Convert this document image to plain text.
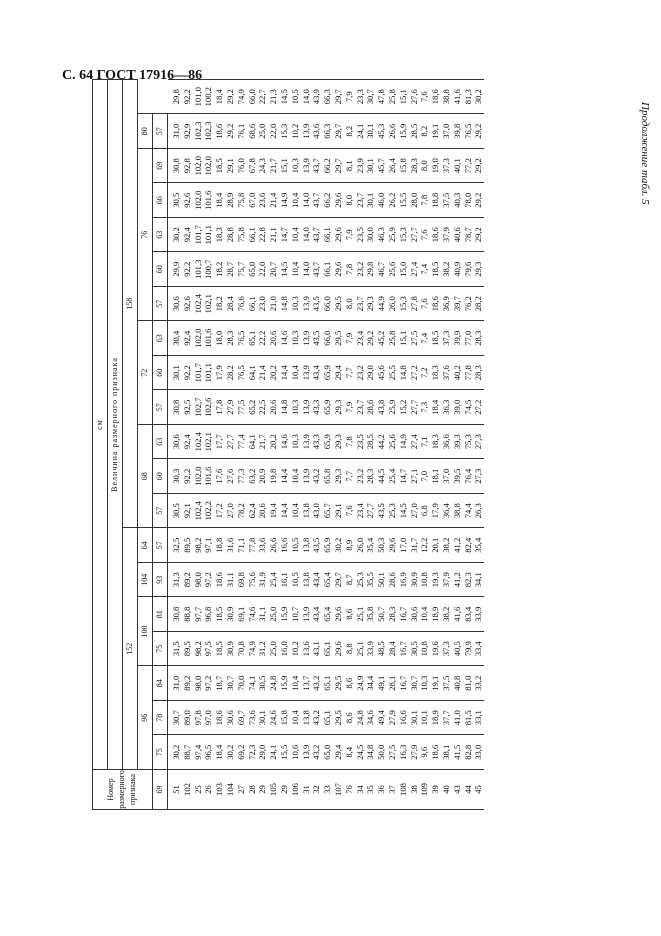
С. 64 ГОСТ 17916—86
Продолжение табл. 5
Номер размерного признака	см																			
	Величина размерного признака																			
	152							158												
	96			100		104	64	68			72			76					80	
69	75	78	84	75	81	93	57	57	60	63	57	60	63	57	60	63	66	69	57	
51	30,2	30,7	31,0	31,5	30,8	31,3	32,5	30,5	30,3	30,6	30,8	30,1	30,4	30,6	29,9	30,2	30,5	30,8	31,0	29,8
102	88,7	89,0	89,2	89,5	88,8	89,2	89,5	92,1	92,2	92,4	92,5	92,2	92,4	92,6	92,2	92,4	92,6	92,8	92,9	92,2
25	97,4	97,8	98,0	98,2	97,7	98,0	98,2	102,4	102,0	102,4	102,7	101,7	102,0	102,4	101,3	101,7	102,0	102,0	102,3	101,0
26	96,5	97,0	97,2	97,5	96,8	97,2	97,1	102,2	101,6	102,1	102,6	101,1	101,6	102,1	100,7	101,1	101,6	102,0	102,3	100,2
103	18,4	18,6	18,7	18,5	18,5	18,6	18,8	17,2	17,6	17,7	17,8	17,9	18,0	18,2	18,2	18,3	18,4	18,5	18,6	18,4
104	30,2	30,6	30,7	30,9	30,9	31,1	31,6	27,0	27,6	27,7	27,9	28,2	28,3	28,4	28,7	28,8	28,9	29,1	29,2	29,2
27	69,2	69,7	70,0	70,8	69,1	69,8	71,1	78,2	77,3	77,4	77,5	76,5	76,5	76,6	75,7	75,8	75,8	76,0	76,1	74,9
28	72,3	73,6	74,1	74,9	74,6	75,6	77,8	62,4	63,2	64,1	65,2	64,1	65,1	66,1	65,0	66,1	67,0	67,8	68,6	66,0
29	29,0	30,1	30,5	31,2	31,1	31,9	33,6	20,6	20,9	21,7	22,5	21,4	22,2	23,0	22,0	22,8	23,6	24,3	25,0	22,7
105	24,1	24,6	24,8	25,0	25,0	25,4	26,6	19,4	19,8	20,2	20,6	20,2	20,6	21,0	20,7	21,1	21,4	21,7	22,0	21,3
29	15,5	15,8	15,9	16,0	15,9	16,1	16,6	14,4	14,4	14,6	14,8	14,4	14,6	14,8	14,5	14,7	14,9	15,1	15,3	14,5
106	10,6	10,4	10,4	10,2	10,7	10,5	10,5	10,4	10,4	10,3	10,3	10,4	10,3	10,3	10,4	10,4	10,4	10,3	10,2	10,5
31	13,9	13,8	13,7	13,6	13,9	13,8	13,8	13,8	13,9	13,9	13,9	13,9	13,9	13,9	14,0	14,0	14,0	13,9	13,9	14,0
32	43,2	43,2	43,2	43,1	43,4	43,4	43,5	43,0	43,2	43,3	43,3	43,4	43,5	43,5	43,7	43,7	43,7	43,7	43,6	43,9
33	65,0	65,1	65,1	65,1	65,4	65,4	65,9	65,7	65,8	65,9	65,9	65,9	66,0	66,0	66,1	66,1	66,2	66,2	66,3	66,3
107	29,4	29,5	29,5	29,6	29,6	29,7	30,2	29,1	29,3	29,3	29,3	29,4	29,5	29,5	29,6	29,6	29,6	29,7	29,7	29,7
76	8,4	8,6	8,6	8,8	8,6	8,7	8,9	7,6	7,7	7,8	7,9	7,7	7,9	8,0	7,8	7,9	8,0	8,1	8,2	7,9
34	24,5	24,8	24,9	25,1	25,1	25,3	26,0	23,4	23,2	23,5	23,7	23,2	23,4	23,7	23,2	23,5	23,7	23,9	24,1	23,3
35	34,8	34,6	34,4	33,9	35,8	35,5	35,4	27,7	28,3	28,5	28,6	29,0	29,2	29,3	29,8	30,0	30,1	30,1	30,1	30,7
36	50,0	49,4	49,1	48,5	50,7	50,1	50,3	43,5	44,5	44,2	43,8	45,6	45,2	44,9	46,7	46,3	46,0	45,7	45,3	47,8
37	27,5	27,9	28,1	28,4	28,3	28,6	29,6	25,3	25,4	25,6	25,9	25,5	25,8	26,0	25,6	25,9	26,2	26,4	26,6	25,8
108	16,3	16,6	16,7	16,7	16,7	16,9	17,0	14,5	14,7	14,9	15,2	14,8	15,1	15,3	15,0	15,3	15,5	15,8	15,9	15,1
38	27,9	30,1	30,7	30,5	30,6	30,9	31,7	27,0	27,1	27,4	27,7	27,2	27,5	27,8	27,4	27,7	28,0	28,3	28,5	27,6
109	9,6	10,1	10,3	10,8	10,4	10,8	12,2	6,8	7,0	7,1	7,3	7,2	7,4	7,6	7,4	7,6	7,8	8,0	8,2	7,6
39	18,6	18,9	19,1	19,6	18,9	19,3	20,1	17,9	18,1	18,3	18,4	18,3	18,5	18,6	18,5	18,6	18,8	19,0	19,1	18,6
40	38,1	37,7	37,5	37,3	38,2	37,9	38,2	36,4	37,0	36,6	36,3	37,6	37,3	36,9	38,2	37,9	37,5	37,3	37,0	38,8
43	41,5	41,0	40,8	40,5	41,6	41,2	41,2	38,8	39,5	39,3	39,0	40,2	39,9	39,7	40,9	40,6	40,3	40,1	39,8	41,6
44	82,8	81,5	81,0	79,9	83,4	82,3	82,4	74,4	76,4	75,3	74,5	77,8	77,0	76,2	79,6	78,7	78,0	77,2	76,5	81,3
45	33,0	33,1	33,2	33,4	33,9	34,1	35,4	26,3	27,3	27,3	27,2	28,3	28,3	28,2	29,3	29,2	29,2	29,2	29,2	30,2
